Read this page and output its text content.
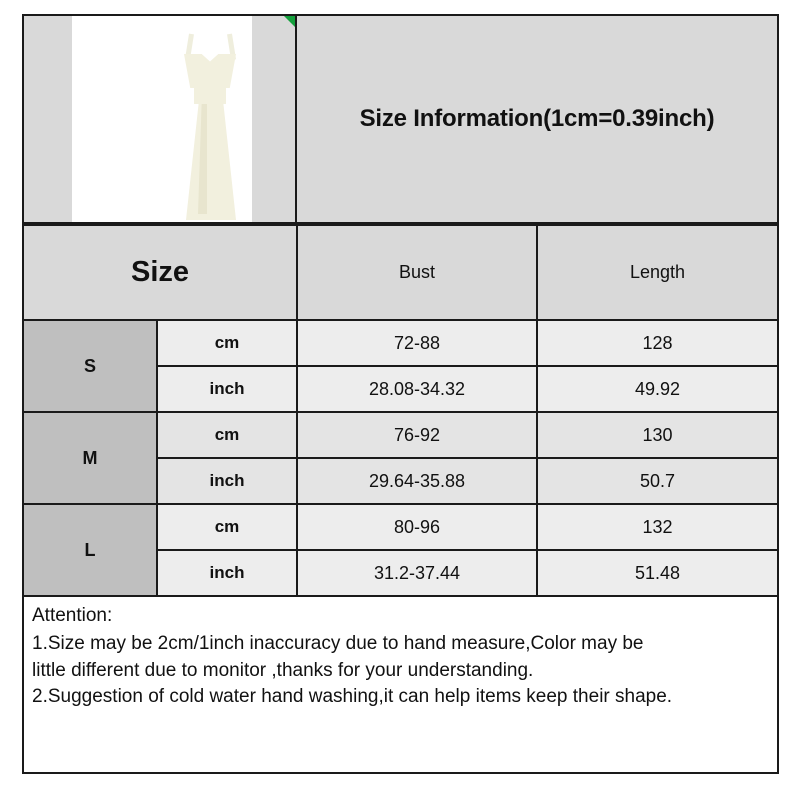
Size Information(1cm=0.39inch)
Size		Bust	Length
S	cm	72-88	128
	inch	28.08-34.32	49.92
M	cm	76-92	130
	inch	29.64-35.88	50.7
L	cm	80-96	132
	inch	31.2-37.44	51.48

Attention:

1.Size may be 2cm/1inch inaccuracy due to hand measure,Color may be

little different due to monitor ,thanks for your understanding.

2.Suggestion of cold water hand washing,it can help items keep their shape.
